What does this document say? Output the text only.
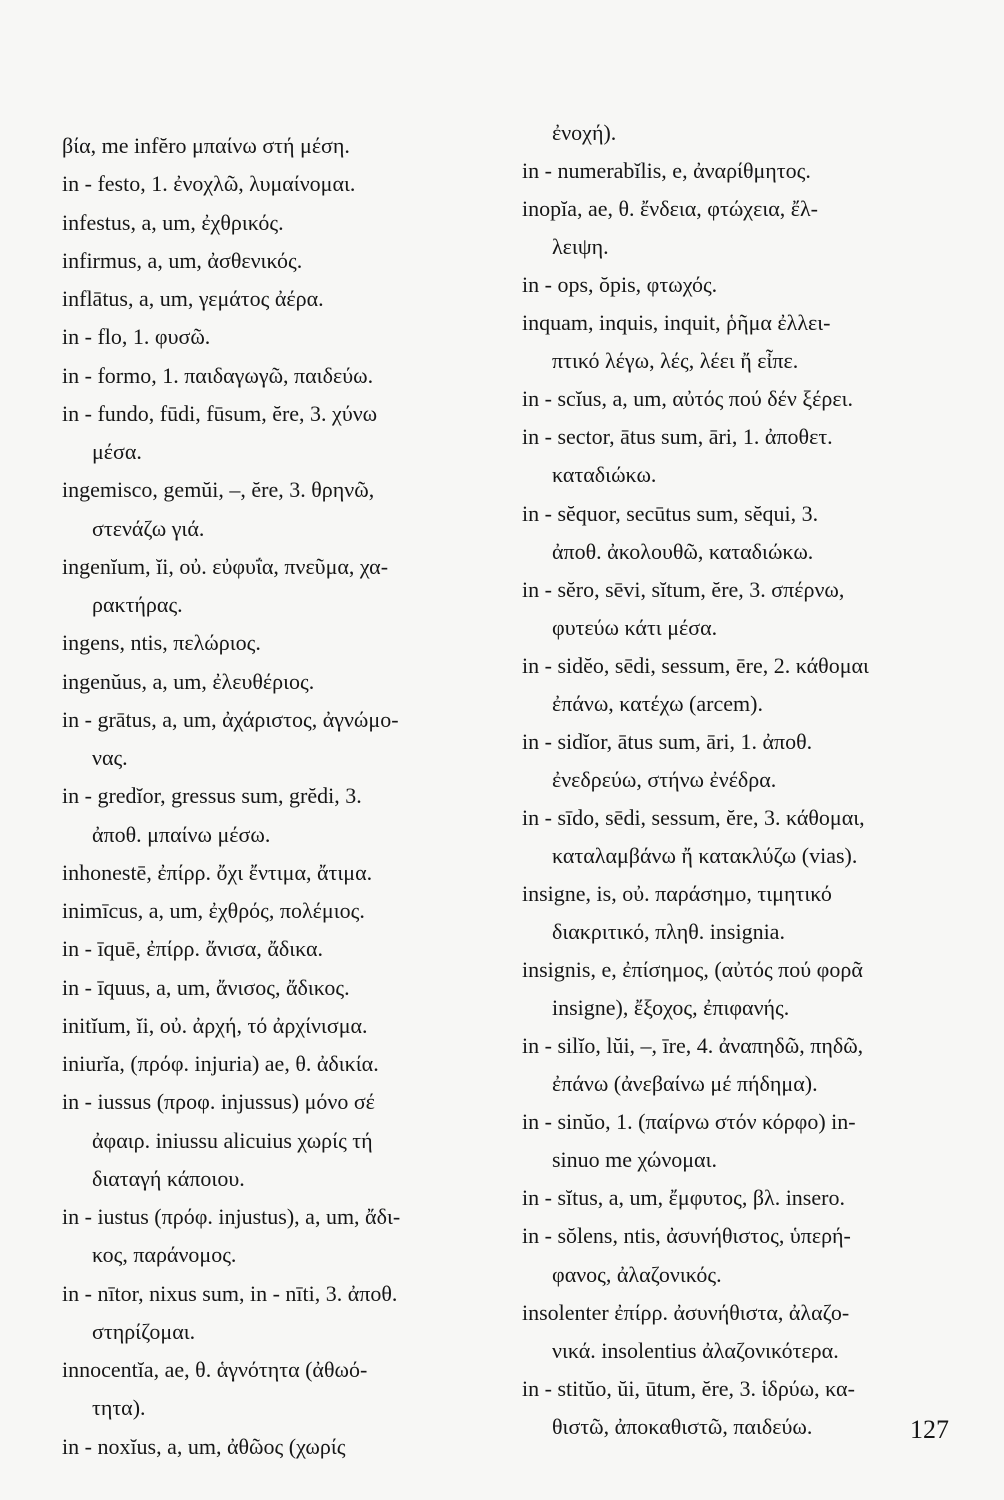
βία, me infĕro μπαίνω στή μέση.
in - festo, 1. ἐνοχλῶ, λυμαίνομαι.
infestus, a, um, ἐχθρικός.
infirmus, a, um, ἀσθενικός.
inflātus, a, um, γεμάτος ἀέρα.
in - flo, 1. φυσῶ.
in - formo, 1. παιδαγωγῶ, παιδεύω.
in - fundo, fūdi, fūsum, ĕre, 3. χύνω
μέσα.
ingemisco, gemŭi, –, ĕre, 3. θρηνῶ,
στενάζω γιά.
ingenĭum, ĭi, οὐ. εὐφυΐα, πνεῦμα, χα-
ρακτήρας.
ingens, ntis, πελώριος.
ingenŭus, a, um, ἐλευθέριος.
in - grātus, a, um, ἀχάριστος, ἀγνώμο-
νας.
in - gredĭor, gressus sum, grĕdi, 3.
ἀποθ. μπαίνω μέσω.
inhonestē, ἐπίρρ. ὄχι ἔντιμα, ἄτιμα.
inimīcus, a, um, ἐχθρός, πολέμιος.
in - īquē, ἐπίρρ. ἄνισα, ἄδικα.
in - īquus, a, um, ἄνισος, ἄδικος.
initĭum, ĭi, οὐ. ἀρχή, τό ἀρχίνισμα.
iniurĭa, (πρόφ. injuria) ae, θ. ἀδικία.
in - iussus (προφ. injussus) μόνο σέ
ἀφαιρ. iniussu alicuius χωρίς τή
διαταγή κάποιου.
in - iustus (πρόφ. injustus), a, um, ἄδι-
κος, παράνομος.
in - nītor, nixus sum, in - nīti, 3. ἀποθ.
στηρίζομαι.
innocentĭa, ae, θ. ἁγνότητα (ἀθωό-
τητα).
in - noxĭus, a, um, ἀθῶος (χωρίς
ἐνοχή).
in - numerabĭlis, e, ἀναρίθμητος.
inopĭa, ae, θ. ἔνδεια, φτώχεια, ἔλ-
λειψη.
in - ops, ŏpis, φτωχός.
inquam, inquis, inquit, ῥῆμα ἐλλει-
πτικό λέγω, λές, λέει ἤ εἶπε.
in - scĭus, a, um, αὐτός πού δέν ξέρει.
in - sector, ātus sum, āri, 1. ἀποθετ.
καταδιώκω.
in - sĕquor, secūtus sum, sĕqui, 3.
ἀποθ. ἀκολουθῶ, καταδιώκω.
in - sĕro, sēvi, sĭtum, ĕre, 3. σπέρνω,
φυτεύω κάτι μέσα.
in - sidĕo, sēdi, sessum, ēre, 2. κάθομαι
ἐπάνω, κατέχω (arcem).
in - sidĭor, ātus sum, āri, 1. ἀποθ.
ἐνεδρεύω, στήνω ἐνέδρα.
in - sīdo, sēdi, sessum, ĕre, 3. κάθομαι,
καταλαμβάνω ἤ κατακλύζω (vias).
insigne, is, οὐ. παράσημο, τιμητικό
διακριτικό, πληθ. insignia.
insignis, e, ἐπίσημος, (αὐτός πού φορᾶ
insigne), ἔξοχος, ἐπιφανής.
in - silĭo, lŭi, –, īre, 4. ἀναπηδῶ, πηδῶ,
ἐπάνω (ἀνεβαίνω μέ πήδημα).
in - sinŭo, 1. (παίρνω στόν κόρφο) in-
sinuo me χώνομαι.
in - sĭtus, a, um, ἔμφυτος, βλ. insero.
in - sŏlens, ntis, ἀσυνήθιστος, ὑπερή-
φανος, ἀλαζονικός.
insolenter ἐπίρρ. ἀσυνήθιστα, ἀλαζο-
νικά. insolentius ἀλαζονικότερα.
in - stitŭo, ŭi, ūtum, ĕre, 3. ἱδρύω, κα-
θιστῶ, ἀποκαθιστῶ, παιδεύω.	127
